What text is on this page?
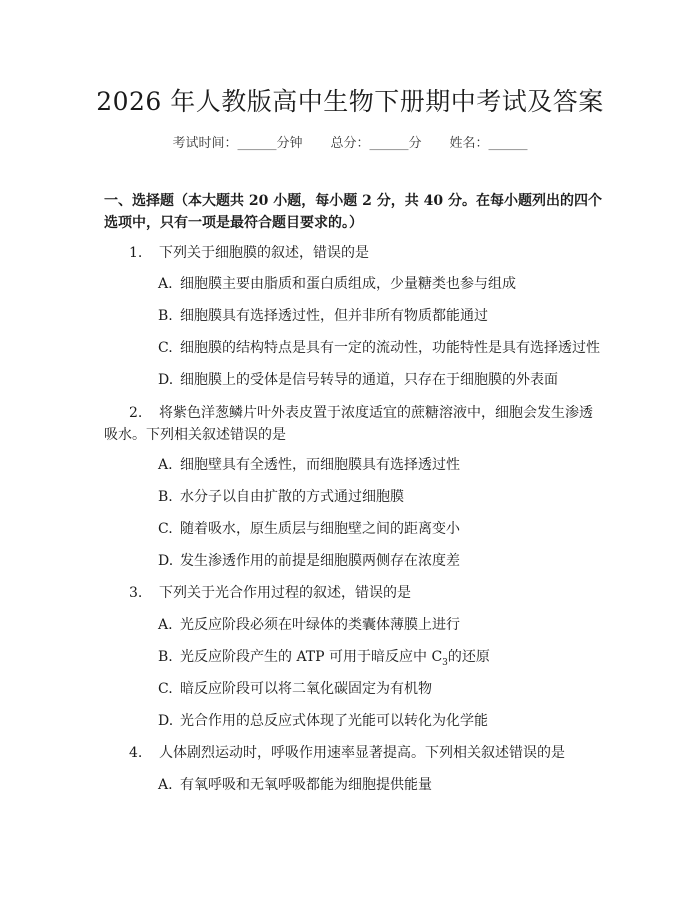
2026 年人教版高中生物下册期中考试及答案
考试时间：______分钟 总分：______分 姓名：______
一、选择题（本大题共 20 小题，每小题 2 分，共 40 分。在每小题列出的四个选项中，只有一项是最符合题目要求的。）
1. 下列关于细胞膜的叙述，错误的是
A. 细胞膜主要由脂质和蛋白质组成，少量糖类也参与组成
B. 细胞膜具有选择透过性，但并非所有物质都能通过
C. 细胞膜的结构特点是具有一定的流动性，功能特性是具有选择透过性
D. 细胞膜上的受体是信号转导的通道，只存在于细胞膜的外表面
2. 将紫色洋葱鳞片叶外表皮置于浓度适宜的蔗糖溶液中，细胞会发生渗透吸水。下列相关叙述错误的是
A. 细胞壁具有全透性，而细胞膜具有选择透过性
B. 水分子以自由扩散的方式通过细胞膜
C. 随着吸水，原生质层与细胞壁之间的距离变小
D. 发生渗透作用的前提是细胞膜两侧存在浓度差
3. 下列关于光合作用过程的叙述，错误的是
A. 光反应阶段必须在叶绿体的类囊体薄膜上进行
B. 光反应阶段产生的 ATP 可用于暗反应中 $C_3$的还原
C. 暗反应阶段可以将二氧化碳固定为有机物
D. 光合作用的总反应式体现了光能可以转化为化学能
4. 人体剧烈运动时，呼吸作用速率显著提高。下列相关叙述错误的是
A. 有氧呼吸和无氧呼吸都能为细胞提供能量
